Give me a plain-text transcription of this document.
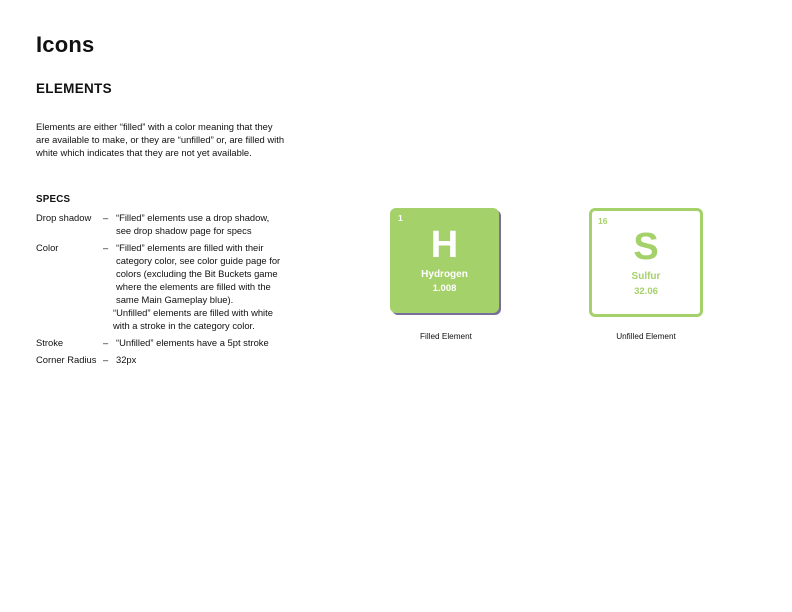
Icons
ELEMENTS
Elements are either “filled” with a color meaning that they are available to make, or they are “unfilled” or, are filled with white which indicates that they are not yet available.
SPECS
Drop shadow	– “Filled” elements use a drop shadow, see drop shadow page for specs
Color	– “Filled” elements are filled with their category color, see color guide page for colors (excluding the Bit Buckets game where the elements are filled with the same Main Gameplay blue).

“Unfilled” elements are filled with white with a stroke in the category color.

Stroke	– “Unfilled” elements have a 5pt stroke
Corner Radius – 32px
1
H
Hydrogen
1.008
Filled Element
16
S
Sulfur
32.06
Unfilled Element
